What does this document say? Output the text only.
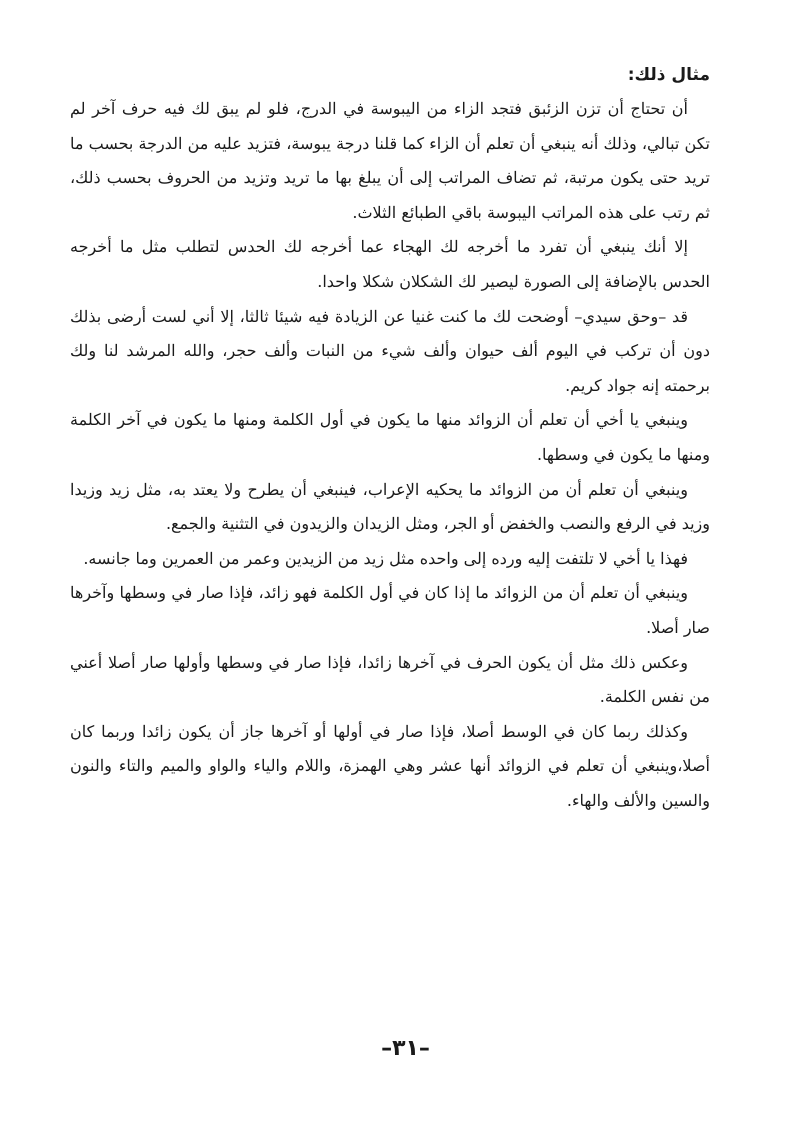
مثال ذلك:

أن تحتاج أن تزن الزئبق فتجد الزاء من اليبوسة في الدرج، فلو لم يبق لك فيه حرف آخر لم تكن تبالي، وذلك أنه ينبغي أن تعلم أن الزاء كما قلنا درجة يبوسة، فتزيد عليه من الدرجة بحسب ما تريد حتى يكون مرتبة، ثم تضاف المراتب إلى أن يبلغ بها ما تريد وتزيد من الحروف بحسب ذلك، ثم رتب على هذه المراتب اليبوسة باقي الطبائع الثلاث.

إلا أنك ينبغي أن تفرد ما أخرجه لك الهجاء عما أخرجه لك الحدس لتطلب مثل ما أخرجه الحدس بالإضافة إلى الصورة ليصير لك الشكلان شكلا واحدا.

قد –وحق سيدي– أوضحت لك ما كنت غنيا عن الزيادة فيه شيئا ثالثا، إلا أني لست أرضى بذلك دون أن تركب في اليوم ألف حيوان وألف شيء من النبات وألف حجر، والله المرشد لنا ولك برحمته إنه جواد كريم.

وينبغي يا أخي أن تعلم أن الزوائد منها ما يكون في أول الكلمة ومنها ما يكون في آخر الكلمة ومنها ما يكون في وسطها.

وينبغي أن تعلم أن من الزوائد ما يحكيه الإعراب، فينبغي أن يطرح ولا يعتد به، مثل زيد وزيدا وزيد في الرفع والنصب والخفض أو الجر، ومثل الزيدان والزيدون في التثنية والجمع.

فهذا يا أخي لا تلتفت إليه ورده إلى واحده مثل زيد من الزيدين وعمر من العمرين وما جانسه.

وينبغي أن تعلم أن من الزوائد ما إذا كان في أول الكلمة فهو زائد، فإذا صار في وسطها وآخرها صار أصلا.

وعكس ذلك مثل أن يكون الحرف في آخرها زائدا، فإذا صار في وسطها وأولها صار أصلا أعني من نفس الكلمة.

وكذلك ربما كان في الوسط أصلا، فإذا صار في أولها أو آخرها جاز أن يكون زائدا وربما كان أصلا،وينبغي أن تعلم في الزوائد أنها عشر وهي الهمزة، واللام والياء والواو والميم والتاء والنون والسين والألف والهاء.

–٣١–
